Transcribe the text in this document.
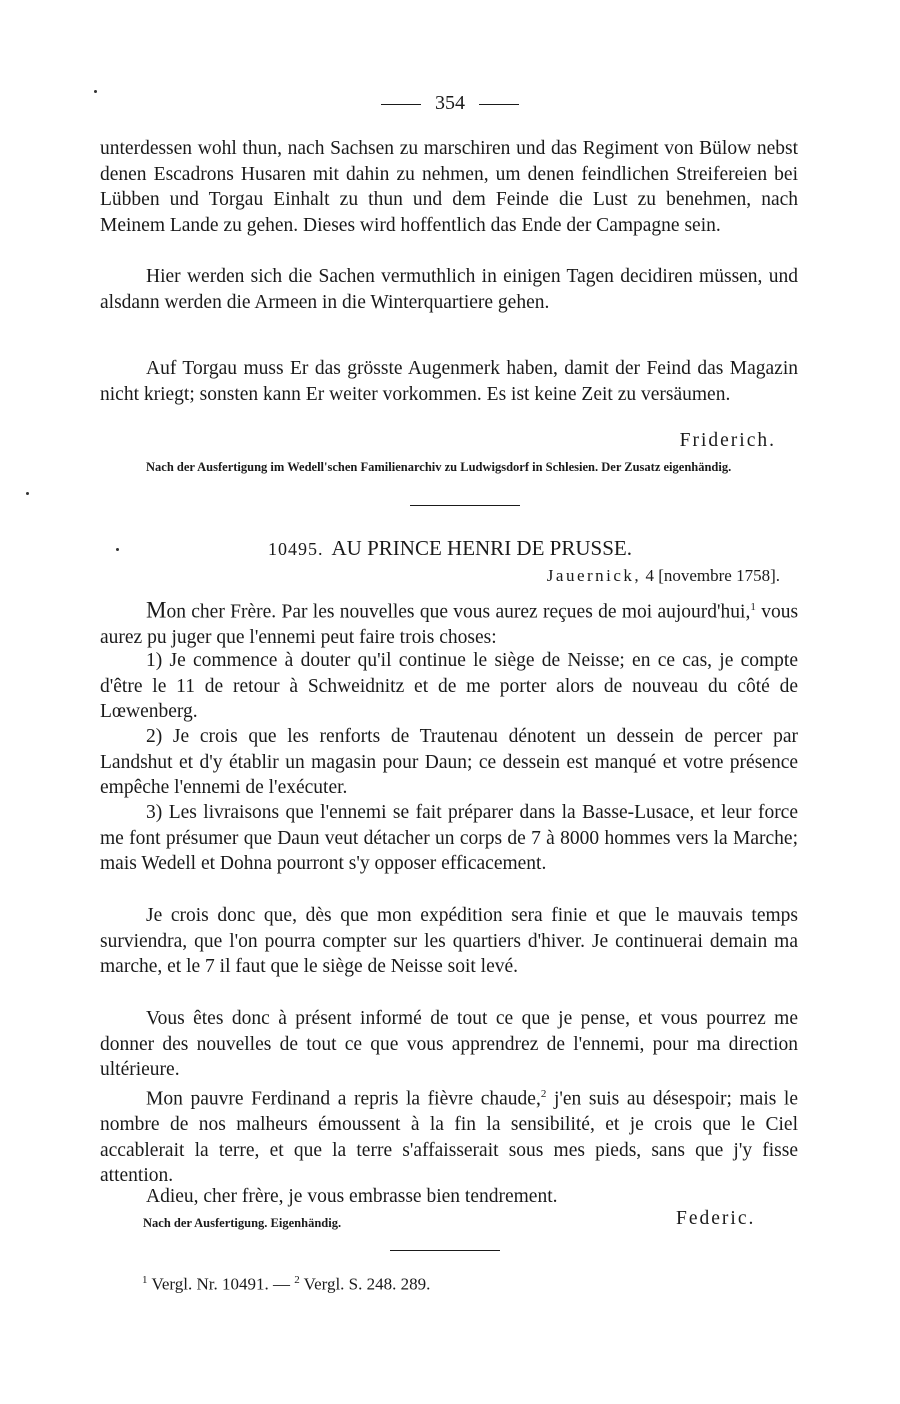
354

unterdessen wohl thun, nach Sachsen zu marschiren und das Regiment von Bülow nebst denen Escadrons Husaren mit dahin zu nehmen, um denen feindlichen Streifereien bei Lübben und Torgau Einhalt zu thun und dem Feinde die Lust zu benehmen, nach Meinem Lande zu gehen. Dieses wird hoffentlich das Ende der Campagne sein.

Hier werden sich die Sachen vermuthlich in einigen Tagen decidiren müssen, und alsdann werden die Armeen in die Winterquartiere gehen.

Auf Torgau muss Er das grösste Augenmerk haben, damit der Feind das Magazin nicht kriegt; sonsten kann Er weiter vorkommen. Es ist keine Zeit zu versäumen.

Friderich.

Nach der Ausfertigung im Wedell'schen Familienarchiv zu Ludwigsdorf in Schlesien. Der Zusatz eigenhändig.

10495. AU PRINCE HENRI DE PRUSSE.
Jauernick, 4 [novembre 1758].

Mon cher Frère. Par les nouvelles que vous aurez reçues de moi aujourd'hui,$^1$ vous aurez pu juger que l'ennemi peut faire trois choses:

1) Je commence à douter qu'il continue le siège de Neisse; en ce cas, je compte d'être le 11 de retour à Schweidnitz et de me porter alors de nouveau du côté de Lœwenberg.

2) Je crois que les renforts de Trautenau dénotent un dessein de percer par Landshut et d'y établir un magasin pour Daun; ce dessein est manqué et votre présence empêche l'ennemi de l'exécuter.

3) Les livraisons que l'ennemi se fait préparer dans la Basse-Lusace, et leur force me font présumer que Daun veut détacher un corps de 7 à 8000 hommes vers la Marche; mais Wedell et Dohna pourront s'y opposer efficacement.

Je crois donc que, dès que mon expédition sera finie et que le mauvais temps surviendra, que l'on pourra compter sur les quartiers d'hiver. Je continuerai demain ma marche, et le 7 il faut que le siège de Neisse soit levé.

Vous êtes donc à présent informé de tout ce que je pense, et vous pourrez me donner des nouvelles de tout ce que vous apprendrez de l'ennemi, pour ma direction ultérieure.

Mon pauvre Ferdinand a repris la fièvre chaude,$^2$ j'en suis au désespoir; mais le nombre de nos malheurs émoussent à la fin la sensibilité, et je crois que le Ciel accablerait la terre, et que la terre s'affaisserait sous mes pieds, sans que j'y fisse attention.

Adieu, cher frère, je vous embrasse bien tendrement.

Nach der Ausfertigung. Eigenhändig.	Federic.
$^1$ Vergl. Nr. 10491. — $^2$ Vergl. S. 248. 289.
